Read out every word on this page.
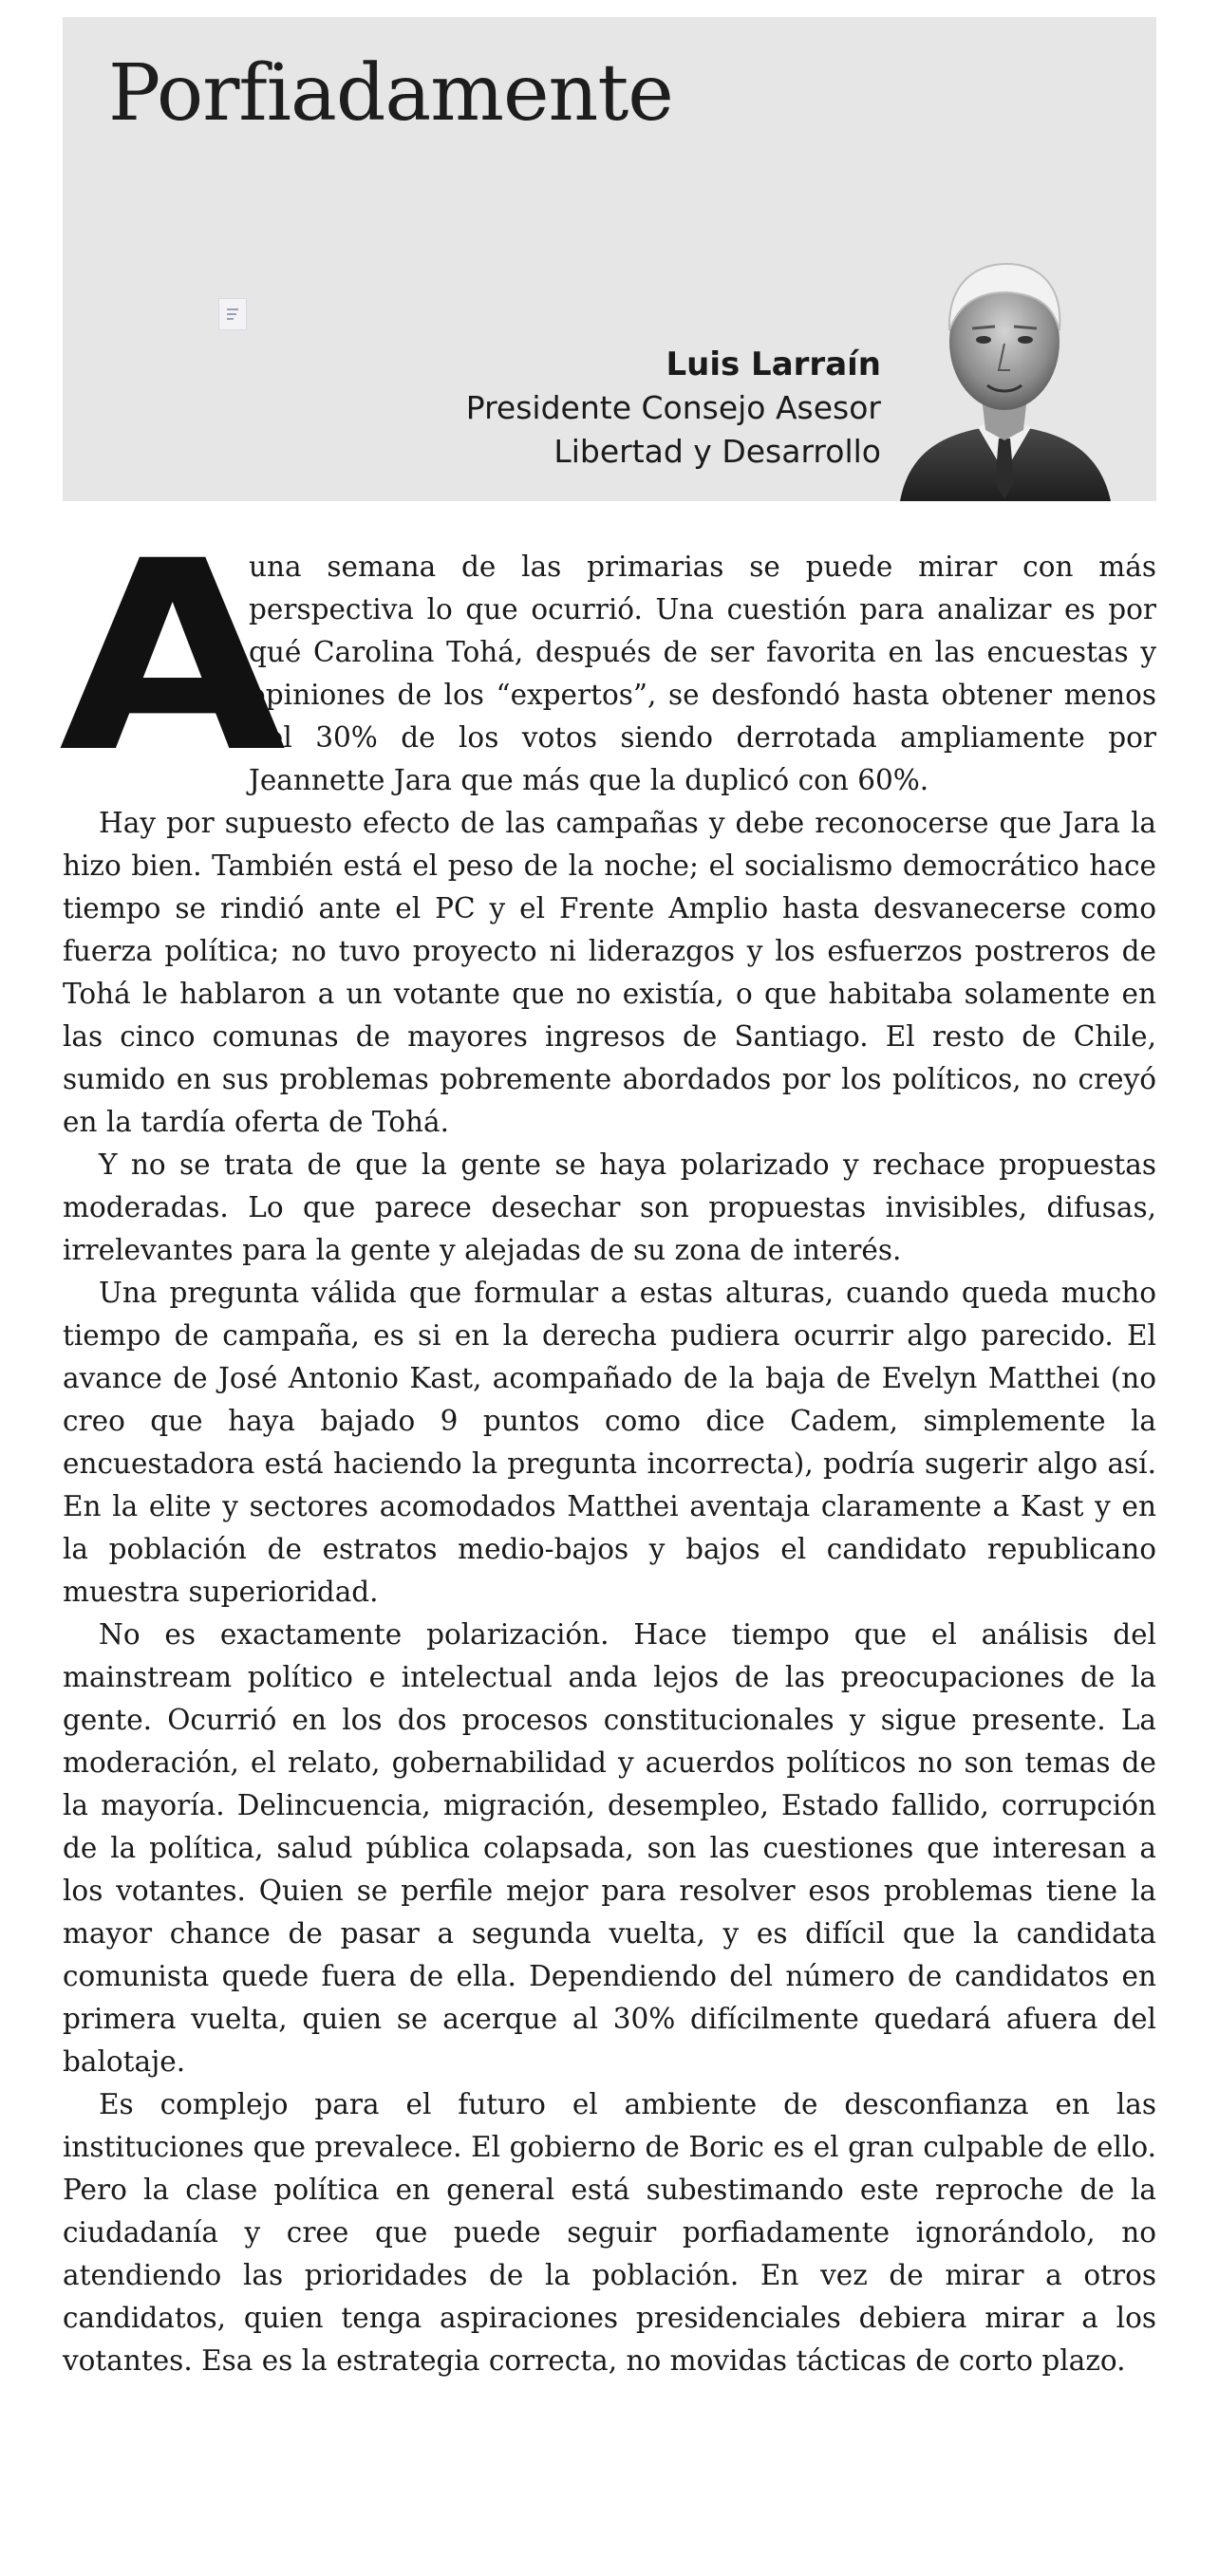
Porfiadamente
Luis Larraín
Presidente Consejo Asesor
Libertad y Desarrollo

A
una semana de las primarias se puede mirar con más perspectiva lo que ocurrió. Una cuestión para analizar es por qué Carolina Tohá, después de ser favorita en las encuestas y opiniones de los “expertos”, se desfondó hasta obtener menos del 30% de los votos siendo derrotada ampliamente por Jeannette Jara que más que la duplicó con 60%.

Hay por supuesto efecto de las campañas y debe reconocerse que Jara la hizo bien. También está el peso de la noche; el socialismo democrático hace tiempo se rindió ante el PC y el Frente Amplio hasta desvanecerse como fuerza política; no tuvo proyecto ni liderazgos y los esfuerzos postreros de Tohá le hablaron a un votante que no existía, o que habitaba solamente en las cinco comunas de mayores ingresos de Santiago. El resto de Chile, sumido en sus problemas pobremente abordados por los políticos, no creyó en la tardía oferta de Tohá.

Y no se trata de que la gente se haya polarizado y rechace propuestas moderadas. Lo que parece desechar son propuestas invisibles, difusas, irrelevantes para la gente y alejadas de su zona de interés.

Una pregunta válida que formular a estas alturas, cuando queda mucho tiempo de campaña, es si en la derecha pudiera ocurrir algo parecido. El avance de José Antonio Kast, acompañado de la baja de Evelyn Matthei (no creo que haya bajado 9 puntos como dice Cadem, simplemente la encuestadora está haciendo la pregunta incorrecta), podría sugerir algo así. En la elite y sectores acomodados Matthei aventaja claramente a Kast y en la población de estratos medio-bajos y bajos el candidato republicano muestra superioridad.

No es exactamente polarización. Hace tiempo que el análisis del mainstream político e intelectual anda lejos de las preocupaciones de la gente. Ocurrió en los dos procesos constitucionales y sigue presente. La moderación, el relato, gobernabilidad y acuerdos políticos no son temas de la mayoría. Delincuencia, migración, desempleo, Estado fallido, corrupción de la política, salud pública colapsada, son las cuestiones que interesan a los votantes. Quien se perfile mejor para resolver esos problemas tiene la mayor chance de pasar a segunda vuelta, y es difícil que la candidata comunista quede fuera de ella. Dependiendo del número de candidatos en primera vuelta, quien se acerque al 30% difícilmente quedará afuera del balotaje.

Es complejo para el futuro el ambiente de desconfianza en las instituciones que prevalece. El gobierno de Boric es el gran culpable de ello. Pero la clase política en general está subestimando este reproche de la ciudadanía y cree que puede seguir porfiadamente ignorándolo, no atendiendo las prioridades de la población. En vez de mirar a otros candidatos, quien tenga aspiraciones presidenciales debiera mirar a los votantes. Esa es la estrategia correcta, no movidas tácticas de corto plazo.
